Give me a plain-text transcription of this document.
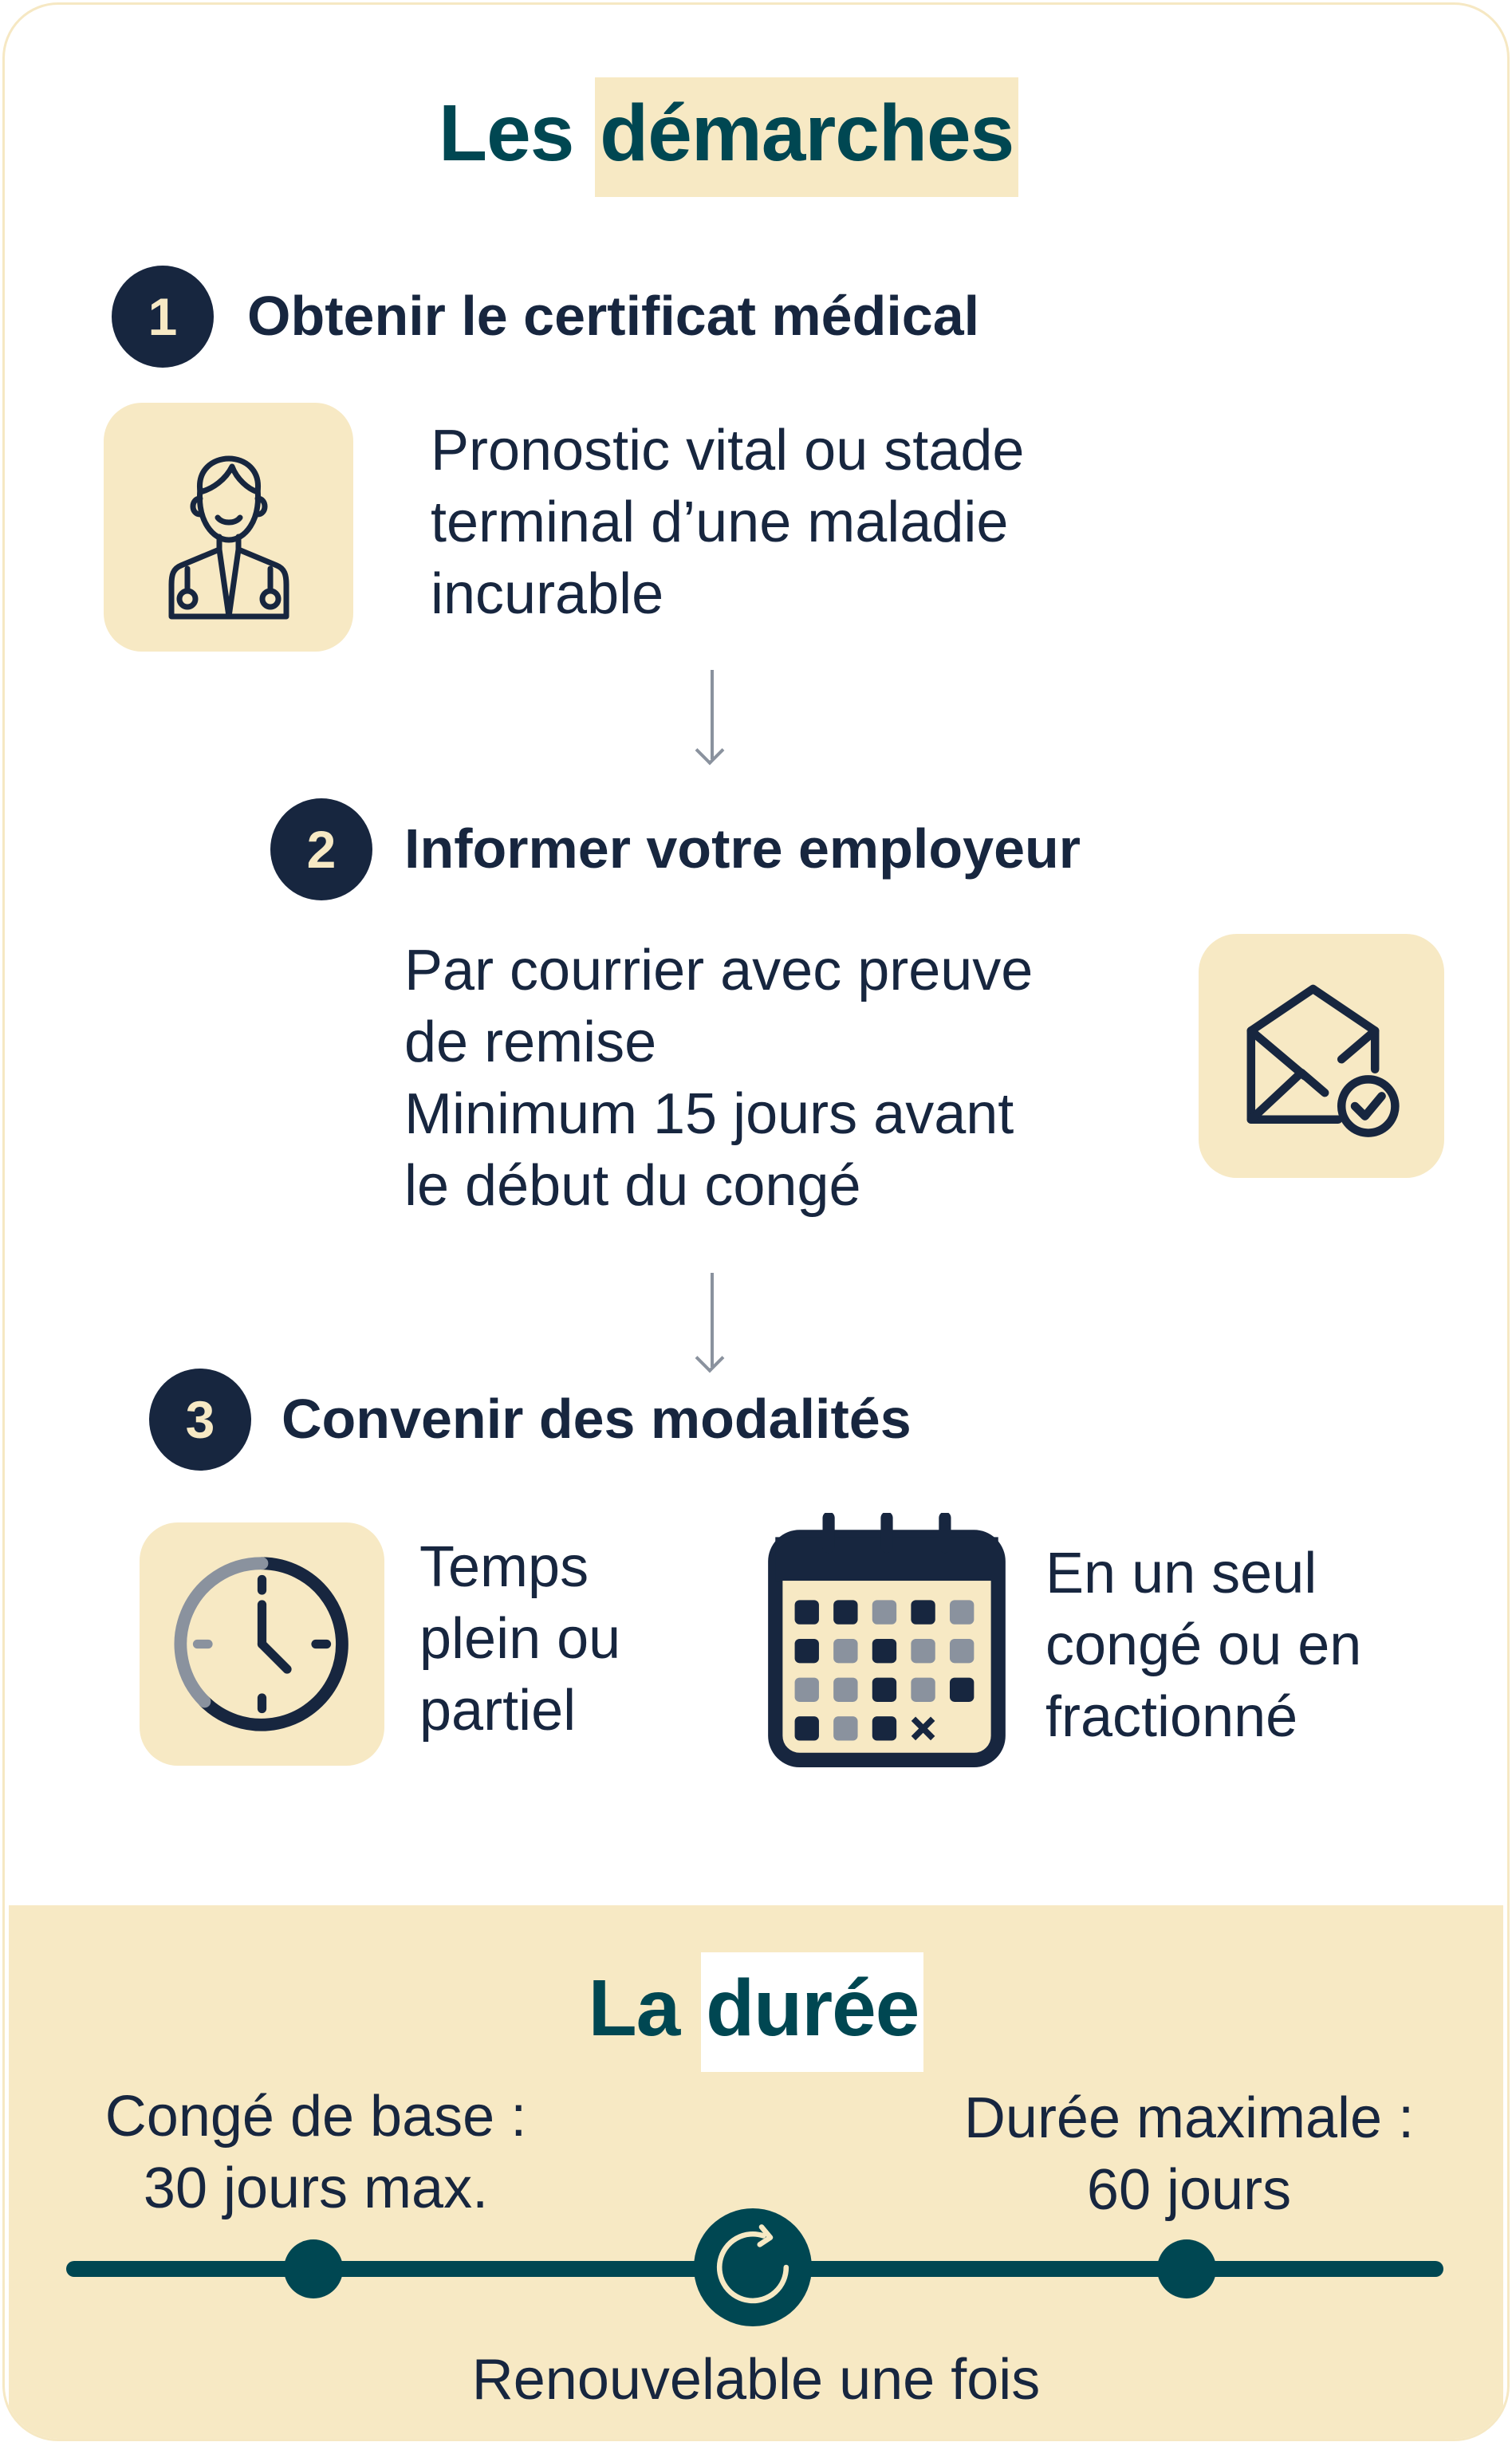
Les démarches
1	Obtenir le certificat médical
Pronostic vital ou stade
terminal d’une maladie
incurable
2	Informer votre employeur
Par courrier avec preuve
de remise
Minimum 15 jours avant
le début du congé
3	Convenir des modalités
Temps
plein ou
partiel
En un seul
congé ou en
fractionné
La durée
Congé de base :
30 jours max.
Durée maximale :
60 jours
Renouvelable une fois
